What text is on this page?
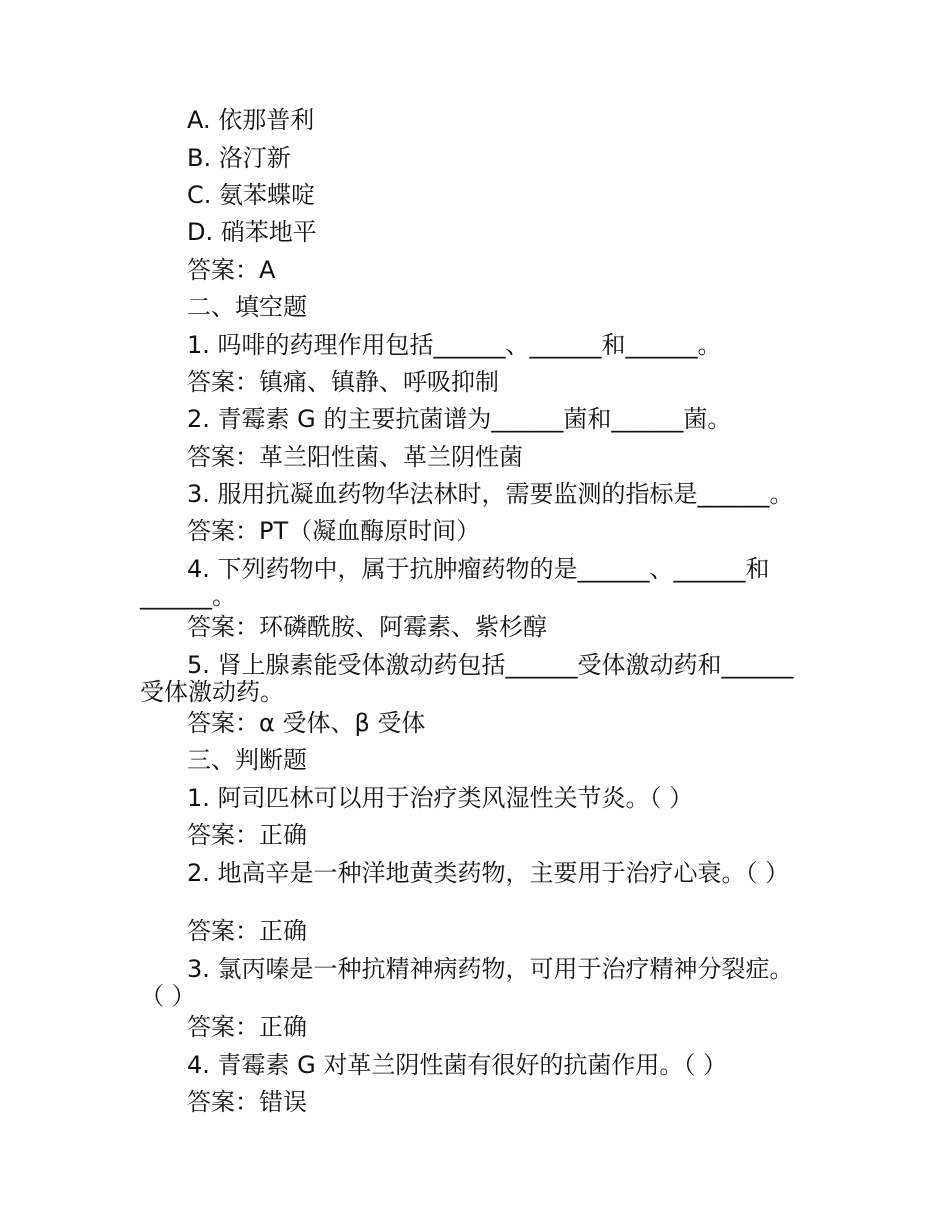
A. 依那普利
B. 洛汀新
C. 氨苯蝶啶
D. 硝苯地平
答案：A
二、填空题
1. 吗啡的药理作用包括______、______和______。
答案：镇痛、镇静、呼吸抑制
2. 青霉素 G 的主要抗菌谱为______菌和______菌。
答案：革兰阳性菌、革兰阴性菌
3. 服用抗凝血药物华法林时，需要监测的指标是______。
答案：PT（凝血酶原时间）
4. 下列药物中，属于抗肿瘤药物的是______、______和______。
答案：环磷酰胺、阿霉素、紫杉醇
5. 肾上腺素能受体激动药包括______受体激动药和______受体激动药。
答案：α 受体、β 受体
三、判断题
1. 阿司匹林可以用于治疗类风湿性关节炎。（ ）
答案：正确
2. 地高辛是一种洋地黄类药物，主要用于治疗心衰。（ ）
答案：正确
3. 氯丙嗪是一种抗精神病药物，可用于治疗精神分裂症。（ ）
答案：正确
4. 青霉素 G 对革兰阴性菌有很好的抗菌作用。（ ）
答案：错误
